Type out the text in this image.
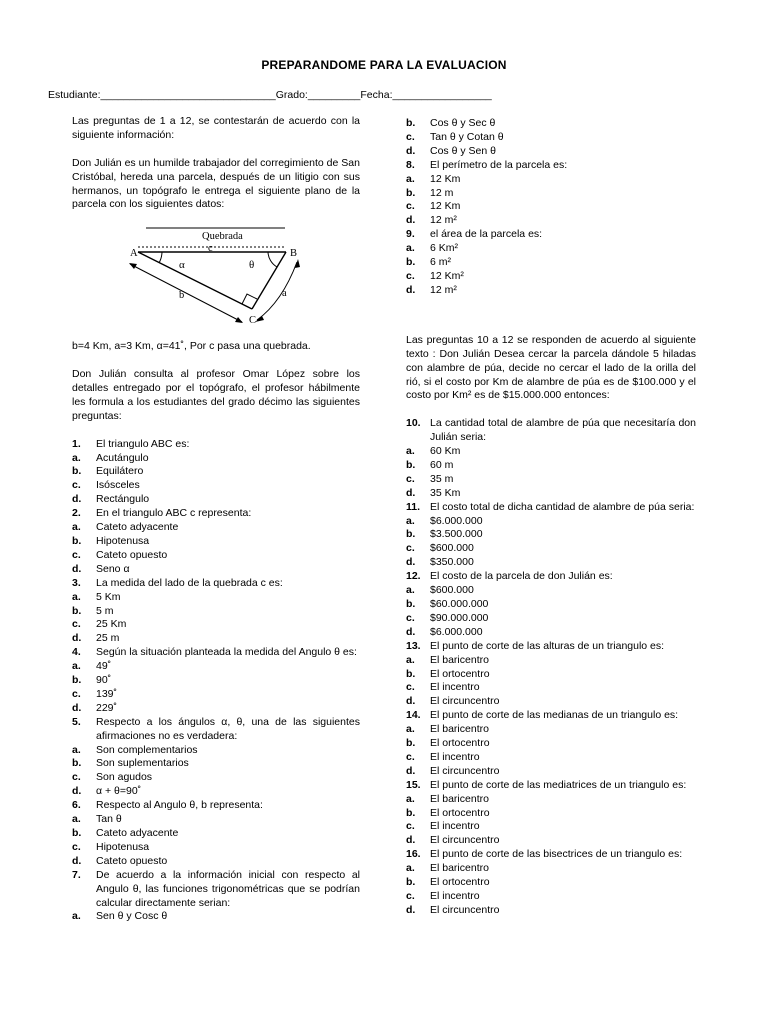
PREPARANDOME PARA LA EVALUACION
Estudiante:______________________________Grado:_________Fecha:_________________

Las preguntas de 1 a 12, se contestarán de acuerdo con la siguiente información:

Don Julián es un humilde trabajador del corregimiento de San Cristóbal, hereda una parcela, después de un litigio con sus hermanos, un topógrafo le entrega el siguiente plano de la parcela con los siguientes datos:

Quebrada
A	B
C
c
b	a
α	θ

b=4 Km, a=3 Km, α=41˚, Por c pasa una quebrada.

Don Julián consulta al profesor Omar López sobre los detalles entregado por el topógrafo, el profesor hábilmente les formula a los estudiantes del grado décimo las siguientes preguntas:

1.	El triangulo ABC es:
a.	Acutángulo
b.	Equilátero
c.	Isósceles
d.	Rectángulo
2.	En el triangulo ABC c representa:
a.	Cateto adyacente
b.	Hipotenusa
c.	Cateto opuesto
d.	Seno α
3.	La medida del lado de la quebrada c es:
a.	5 Km
b.	5 m
c.	25 Km
d.	25 m
4.	Según la situación planteada la medida del Angulo θ es:
a.	49˚
b.	90˚
c.	139˚
d.	229˚
5.	Respecto a los ángulos α, θ, una de las siguientes afirmaciones no es verdadera:
a.	Son complementarios
b.	Son suplementarios
c.	Son agudos
d.	α + θ=90˚
6.	Respecto al Angulo θ, b representa:
a.	Tan θ
b.	Cateto adyacente
c.	Hipotenusa
d.	Cateto opuesto
7.	De acuerdo a la información inicial con respecto al Angulo θ, las funciones trigonométricas que se podrían calcular directamente serian:
a.	Sen θ y Cosc θ
b.	Cos θ y Sec θ
c.	Tan θ y Cotan θ
d.	Cos θ y Sen θ
8.	El perímetro de la parcela es:
a.	12 Km
b.	12 m
c.	12 Km
d.	12 m²
9.	el área de la parcela es:
a.	6 Km²
b.	6 m²
c.	12 Km²
d.	12 m²

Las preguntas 10 a 12 se responden de acuerdo al siguiente texto : Don Julián Desea cercar la parcela dándole 5 hiladas con alambre de púa, decide no cercar el lado de la orilla del rió, si el costo por Km de alambre de púa es de $100.000 y el costo por Km² es de $15.000.000 entonces:

10. La cantidad total de alambre de púa que necesitaría don Julián seria:
a.	60 Km
b.	60 m
c.	35 m
d.	35 Km
11. El costo total de dicha cantidad de alambre de púa seria:
a.	$6.000.000
b.	$3.500.000
c.	$600.000
d.	$350.000
12. El costo de la parcela de don Julián es:
a.	$600.000
b.	$60.000.000
c.	$90.000.000
d.	$6.000.000
13. El punto de corte de las alturas de un triangulo es:
a.	El baricentro
b.	El ortocentro
c.	El incentro
d.	El circuncentro
14. El punto de corte de las medianas de un triangulo es:
a.	El baricentro
b.	El ortocentro
c.	El incentro
d.	El circuncentro
15. El punto de corte de las mediatrices de un triangulo es:
a.	El baricentro
b.	El ortocentro
c.	El incentro
d.	El circuncentro
16. El punto de corte de las bisectrices de un triangulo es:
a.	El baricentro
b.	El ortocentro
c.	El incentro
d.	El circuncentro
